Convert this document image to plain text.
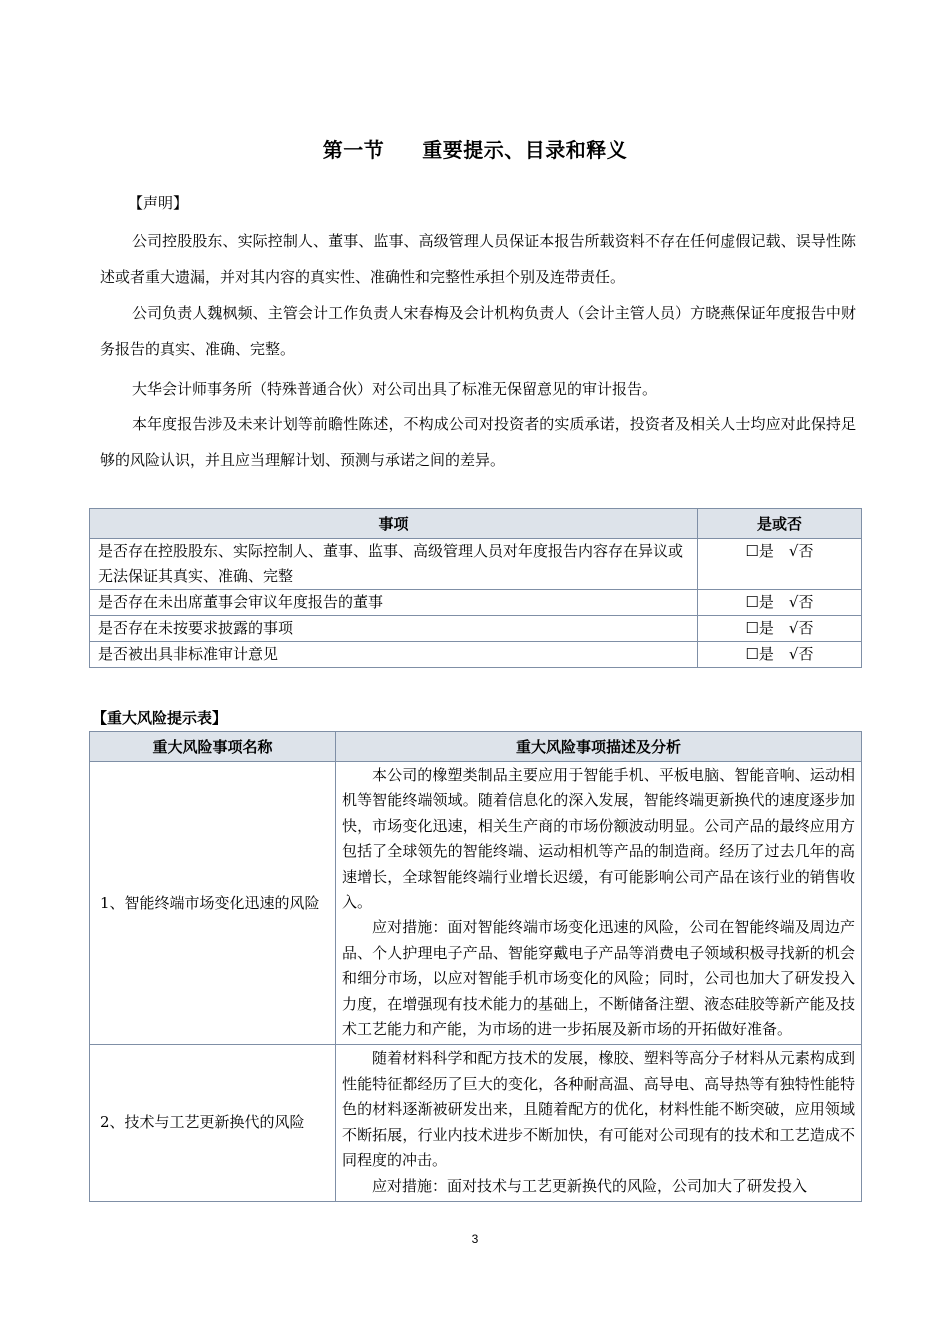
第一节 重要提示、目录和释义
【声明】
公司控股股东、实际控制人、董事、监事、高级管理人员保证本报告所载资料不存在任何虚假记载、误导性陈述或者重大遗漏，并对其内容的真实性、准确性和完整性承担个别及连带责任。
公司负责人魏枫频、主管会计工作负责人宋春梅及会计机构负责人（会计主管人员）方晓燕保证年度报告中财务报告的真实、准确、完整。
大华会计师事务所（特殊普通合伙）对公司出具了标准无保留意见的审计报告。
本年度报告涉及未来计划等前瞻性陈述，不构成公司对投资者的实质承诺，投资者及相关人士均应对此保持足够的风险认识，并且应当理解计划、预测与承诺之间的差异。
事项	是或否
是否存在控股股东、实际控制人、董事、监事、高级管理人员对年度报告内容存在异议或无法保证其真实、准确、完整	☐是　√否
是否存在未出席董事会审议年度报告的董事	☐是　√否
是否存在未按要求披露的事项	☐是　√否
是否被出具非标准审计意见	☐是　√否
【重大风险提示表】
重大风险事项名称	重大风险事项描述及分析
1、智能终端市场变化迅速的风险	本公司的橡塑类制品主要应用于智能手机、平板电脑、智能音响、运动相机等智能终端领域。随着信息化的深入发展，智能终端更新换代的速度逐步加快，市场变化迅速，相关生产商的市场份额波动明显。公司产品的最终应用方包括了全球领先的智能终端、运动相机等产品的制造商。经历了过去几年的高速增长，全球智能终端行业增长迟缓，有可能影响公司产品在该行业的销售收入。

应对措施：面对智能终端市场变化迅速的风险，公司在智能终端及周边产品、个人护理电子产品、智能穿戴电子产品等消费电子领域积极寻找新的机会和细分市场，以应对智能手机市场变化的风险；同时，公司也加大了研发投入力度，在增强现有技术能力的基础上，不断储备注塑、液态硅胶等新产能及技术工艺能力和产能，为市场的进一步拓展及新市场的开拓做好准备。

2、技术与工艺更新换代的风险	随着材料科学和配方技术的发展，橡胶、塑料等高分子材料从元素构成到性能特征都经历了巨大的变化，各种耐高温、高导电、高导热等有独特性能特色的材料逐渐被研发出来，且随着配方的优化，材料性能不断突破，应用领域不断拓展，行业内技术进步不断加快，有可能对公司现有的技术和工艺造成不同程度的冲击。

应对措施：面对技术与工艺更新换代的风险，公司加大了研发投入

3
